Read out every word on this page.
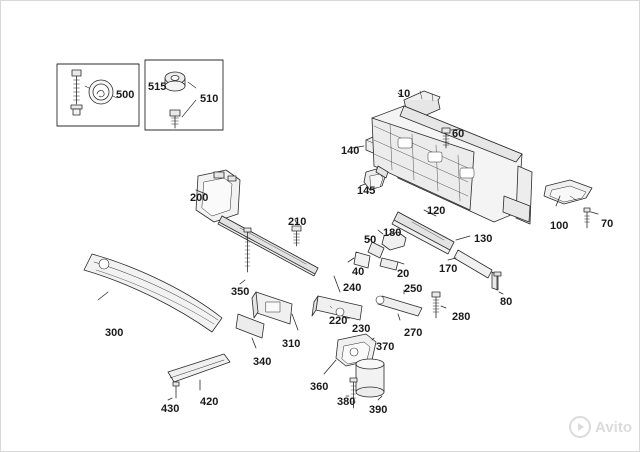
500
515
510	10
60
140
145
200
120
100	70
210
180	130
50
40	20	170
240	250
350
80
280
220
230	270
300
310	370
340
360
380
390
430
420
Avito
